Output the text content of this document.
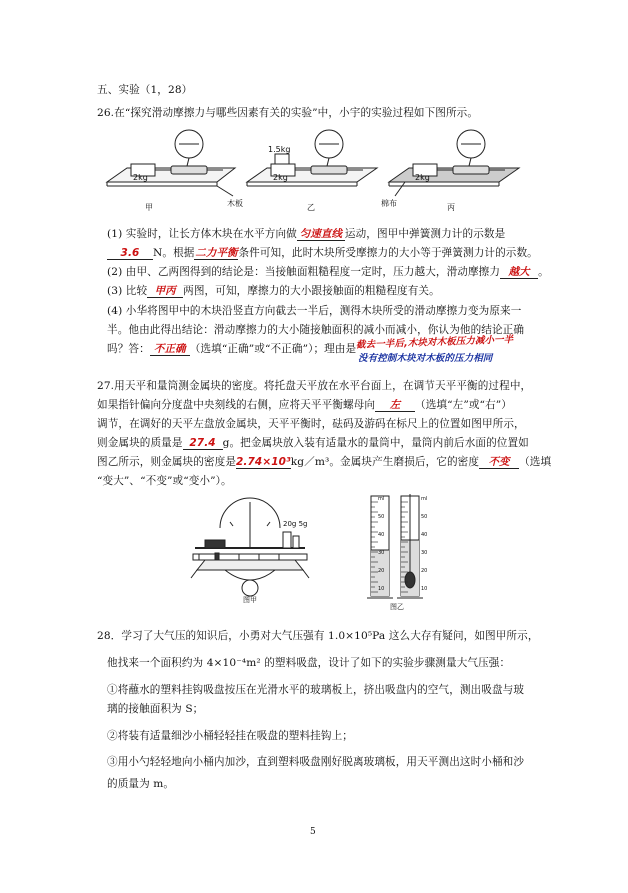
五、实验（1，28）
26.在“探究滑动摩擦力与哪些因素有关的实验”中，小宇的实验过程如下图所示。
2kg	2kg
1.5kg
2kg
甲	木板	乙	棉布	丙
(1) 实验时，让长方体木块在水平方向做 匀速直线 运动，图甲中弹簧测力计的示数是
3.6 N。根据二力平衡条件可知，此时木块所受摩擦力的大小等于弹簧测力计的示数。
(2) 由甲、乙两图得到的结论是：当接触面粗糙程度一定时，压力越大，滑动摩擦力 越大 。
(3) 比较 甲丙 两图，可知，摩擦力的大小跟接触面的粗糙程度有关。
(4) 小华将图甲中的木块沿竖直方向截去一半后，测得木块所受的滑动摩擦力变为原来一
半。他由此得出结论：滑动摩擦力的大小随接触面积的减小而减小，你认为他的结论正确
吗？答： 不正确 （选填“正确”或“不正确”）；理由是 截去一半后,木块对木板压力减小一半
没有控制木块对木板的压力相同
27.用天平和量筒测金属块的密度。将托盘天平放在水平台面上，在调节天平平衡的过程中，
如果指针偏向分度盘中央刻线的右侧，应将天平平衡螺母向 左 （选填“左”或“右”）
调节，在调好的天平左盘放金属块，天平平衡时，砝码及游码在标尺上的位置如图甲所示，
则金属块的质量是 27.4 g。把金属块放入装有适量水的量筒中，量筒内前后水面的位置如
图乙所示，则金属块的密度是2.74×10³kg／m³。金属块产生磨损后，它的密度 不变 （选填
“变大”、“不变”或“变小”）。
20g 5g
图甲
图乙
ml
50
40
30
20
10
ml
50
40
30
20
10
28．学习了大气压的知识后，小勇对大气压强有 1.0×10⁵Pa 这么大存有疑问，如图甲所示，
他找来一个面积约为 4×10⁻⁴m² 的塑料吸盘，设计了如下的实验步骤测量大气压强：
①将蘸水的塑料挂钩吸盘按压在光滑水平的玻璃板上，挤出吸盘内的空气，测出吸盘与玻
璃的接触面积为 S；
②将装有适量细沙小桶轻轻挂在吸盘的塑料挂钩上；
③用小勺轻轻地向小桶内加沙，直到塑料吸盘刚好脱离玻璃板，用天平测出这时小桶和沙
的质量为 m。
5
